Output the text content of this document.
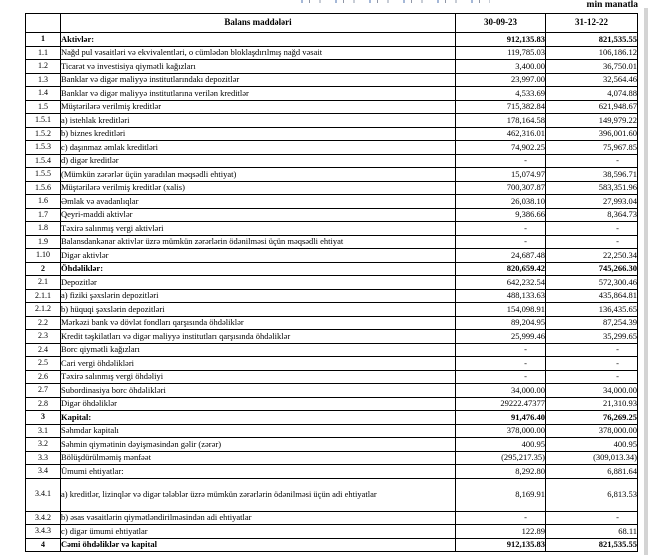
min manatla
	Balans maddələri	30-09-23	31-12-22
1	Aktivlər:	912,135.83	821,535.55
1.1	Nağd pul vəsaitləri və ekvivalentləri, o cümlədən bloklaşdırılmış nağd vəsait	119,785.03	106,186.12
1.2	Ticarət və investisiya qiymətli kağızları	3,400.00	36,750.01
1.3	Banklar və digər maliyyə institutlarındakı depozitlər	23,997.00	32,564.46
1.4	Banklar və digər maliyyə institutlarına verilən kreditlər	4,533.69	4,074.88
1.5	Müştərilərə verilmiş kreditlər	715,382.84	621,948.67
1.5.1	a) istehlak kreditləri	178,164.58	149,979.22
1.5.2	b) biznes kreditləri	462,316.01	396,001.60
1.5.3	c) daşınmaz əmlak kreditləri	74,902.25	75,967.85
1.5.4	d) digər kreditlər	-	-
1.5.5	(Mümkün zərərlər üçün yaradılan məqsədli ehtiyat)	15,074.97	38,596.71
1.5.6	Müştərilərə verilmiş kreditlər (xalis)	700,307.87	583,351.96
1.6	Əmlak və avadanlıqlar	26,038.10	27,993.04
1.7	Qeyri-maddi aktivlər	9,386.66	8,364.73
1.8	Təxirə salınmış vergi aktivləri	-	-
1.9	Balansdankənar aktivlər üzrə mümkün zərərlərin ödənilməsi üçün məqsədli ehtiyat	-	-
1.10	Digər aktivlər	24,687.48	22,250.34
2	Öhdəliklər:	820,659.42	745,266.30
2.1	Depozitlər	642,232.54	572,300.46
2.1.1	a) fiziki şəxslərin depozitləri	488,133.63	435,864.81
2.1.2	b) hüquqi şəxslərin depozitləri	154,098.91	136,435.65
2.2	Mərkəzi bank və dövlət fondları qarşısında öhdəliklər	89,204.95	87,254.39
2.3	Kredit təşkilatları və digər maliyyə institutları qarşısında öhdəliklər	25,999.46	35,299.65
2.4	Borc qiymətli kağızları	-	-
2.5	Cari vergi öhdəlikləri	-	-
2.6	Təxirə salınmış vergi öhdəliyi	-	-
2.7	Subordinasiya borc öhdəlikləri	34,000.00	34,000.00
2.8	Digər öhdəliklər	29222.47377	21,310.93
3	Kapital:	91,476.40	76,269.25
3.1	Səhmdar kapitalı	378,000.00	378,000.00
3.2	Səhmin qiymətinin dəyişməsindən gəlir (zərər)	400.95	400.95
3.3	Bölüşdürülməmiş mənfəət	(295,217.35)	(309,013.34)
3.4	Ümumi ehtiyatlar:	8,292.80	6,881.64
3.4.1	a) kreditlər, lizinqlər və digər tələblər üzrə mümkün zərərlərin ödənilməsi üçün adi ehtiyatlar	8,169.91	6,813.53
3.4.2	b) əsas vəsaitlərin qiymətləndirilməsindən adi ehtiyatlar	-	-
3.4.3	c) digər ümumi ehtiyatlar	122.89	68.11
4	Cəmi öhdəliklər və kapital	912,135.83	821,535.55
